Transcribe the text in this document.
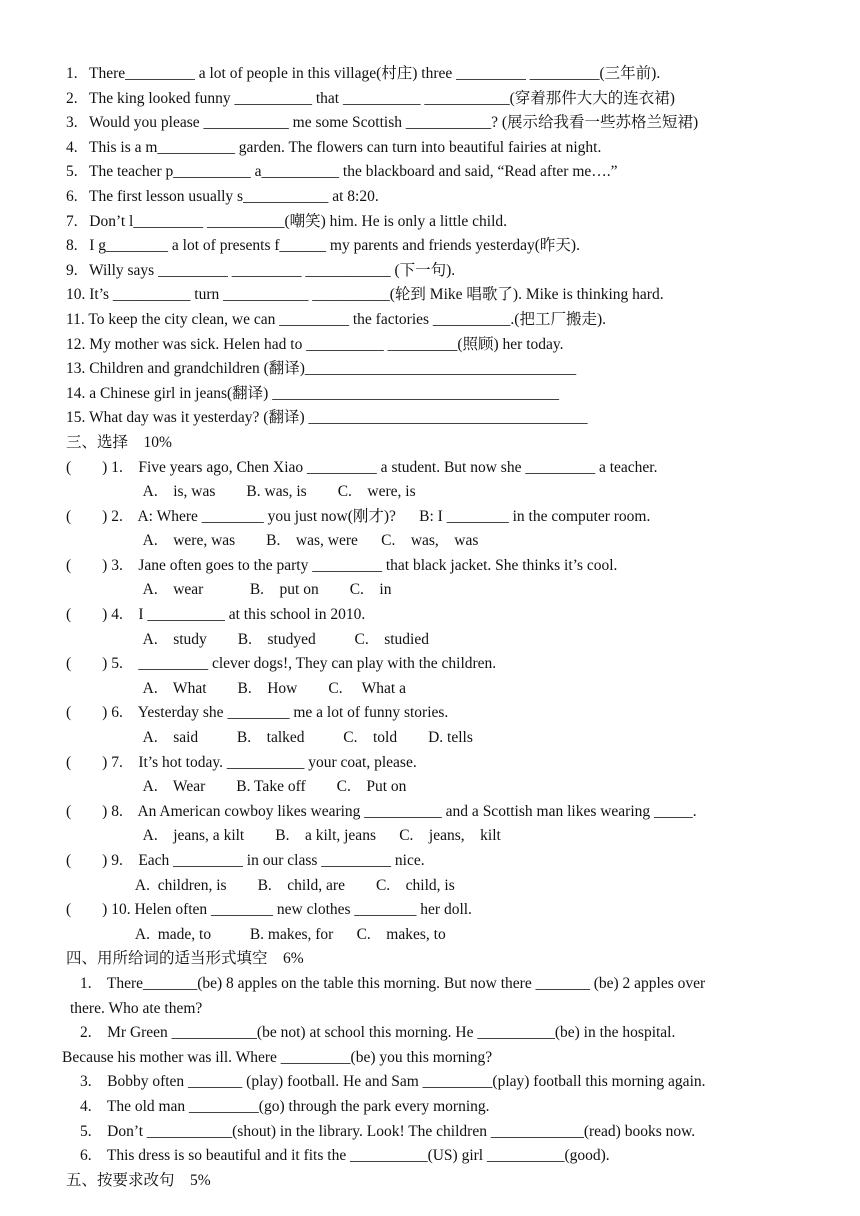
1.   There_________ a lot of people in this village(村庄) three _________ _________(三年前).
2.   The king looked funny __________ that __________ ___________(穿着那件大大的连衣裙)
3.   Would you please ___________ me some Scottish ___________? (展示给我看一些苏格兰短裙)
4.   This is a m__________ garden. The flowers can turn into beautiful fairies at night.
5.   The teacher p__________ a__________ the blackboard and said, “Read after me….”
6.   The first lesson usually s___________ at 8:20.
7.   Don’t l_________ __________(嘲笑) him. He is only a little child.
8.   I g________ a lot of presents f______ my parents and friends yesterday(昨天).
9.   Willy says _________ _________ ___________ (下一句).
10. It’s __________ turn ___________ __________(轮到 Mike 唱歌了). Mike is thinking hard.
11. To keep the city clean, we can _________ the factories __________.(把工厂搬走).
12. My mother was sick. Helen had to __________ _________(照顾) her today.
13. Children and grandchildren (翻译)___________________________________
14. a Chinese girl in jeans(翻译) _____________________________________
15. What day was it yesterday? (翻译) ____________________________________
三、选择    10%
(        ) 1.    Five years ago, Chen Xiao _________ a student. But now she _________ a teacher.
A.    is, was        B. was, is        C.    were, is
(        ) 2.    A: Where ________ you just now(刚才)?      B: I ________ in the computer room.
A.    were, was        B.    was, were      C.    was,    was
(        ) 3.    Jane often goes to the party _________ that black jacket. She thinks it’s cool.
A.    wear            B.    put on        C.    in
(        ) 4.    I __________ at this school in 2010.
A.    study        B.    studyed          C.    studied
(        ) 5.    _________ clever dogs!, They can play with the children.
A.    What        B.    How        C.     What a
(        ) 6.    Yesterday she ________ me a lot of funny stories.
A.    said          B.    talked          C.    told        D. tells
(        ) 7.    It’s hot today. __________ your coat, please.
A.    Wear        B. Take off        C.    Put on
(        ) 8.    An American cowboy likes wearing __________ and a Scottish man likes wearing _____.
A.    jeans, a kilt        B.    a kilt, jeans      C.    jeans,    kilt
(        ) 9.    Each _________ in our class _________ nice.
A.  children, is        B.    child, are        C.    child, is
(        ) 10. Helen often ________ new clothes ________ her doll.
A.  made, to          B. makes, for      C.    makes, to
四、用所给词的适当形式填空    6%
1.    There_______(be) 8 apples on the table this morning. But now there _______ (be) 2 apples over
there. Who ate them?
2.    Mr Green ___________(be not) at school this morning. He __________(be) in the hospital.
Because his mother was ill. Where _________(be) you this morning?
3.    Bobby often _______ (play) football. He and Sam _________(play) football this morning again.
4.    The old man _________(go) through the park every morning.
5.    Don’t ___________(shout) in the library. Look! The children ____________(read) books now.
6.    This dress is so beautiful and it fits the __________(US) girl __________(good).
五、按要求改句    5%
